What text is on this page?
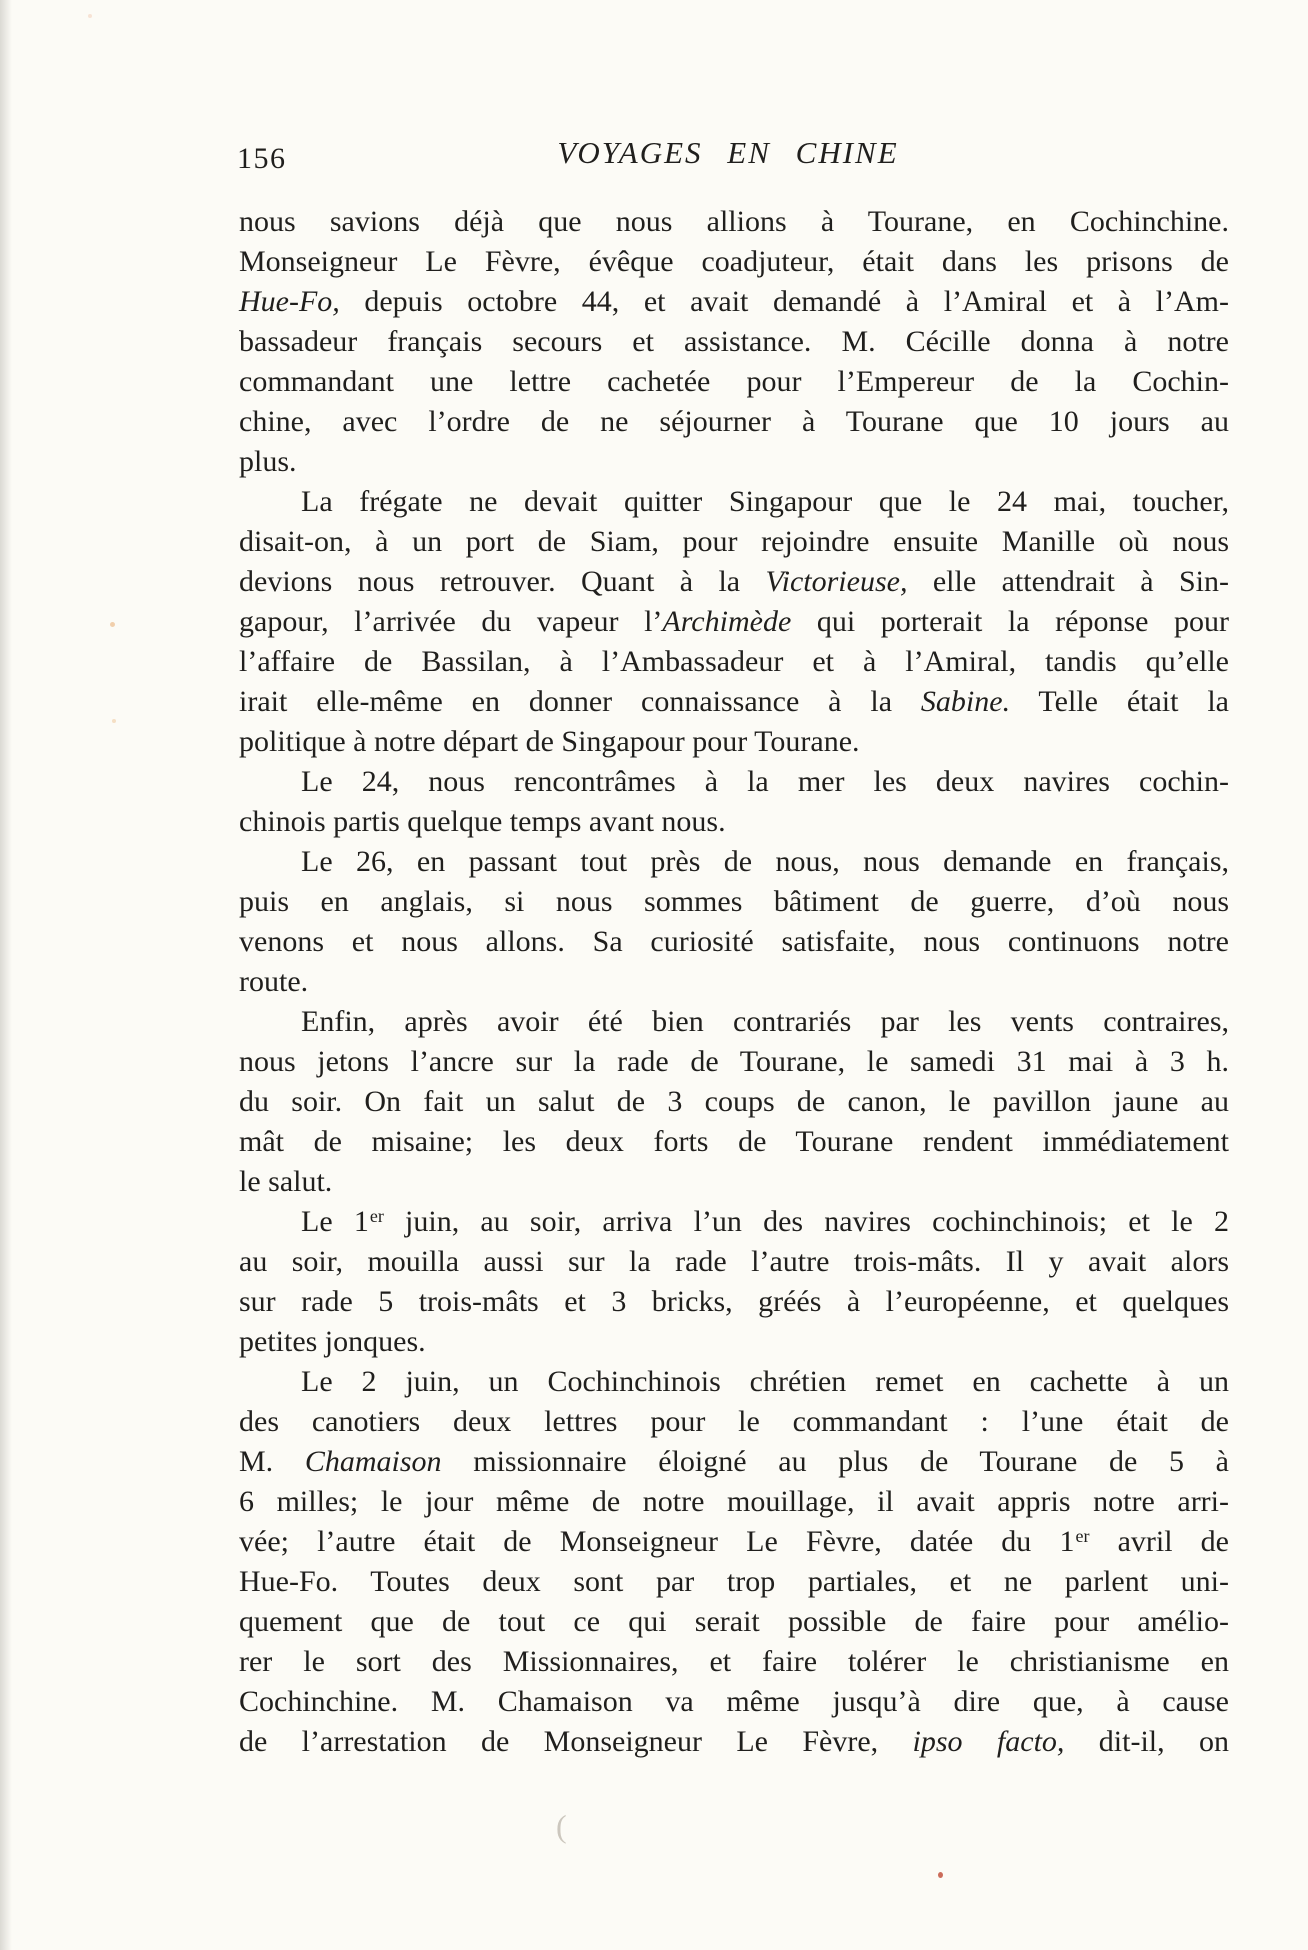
156	VOYAGES EN CHINE
nous savions déjà que nous allions à Tourane, en Cochinchine.
Monseigneur Le Fèvre, évêque coadjuteur, était dans les prisons de
Hue-Fo, depuis octobre 44, et avait demandé à l’Amiral et à l’Am-
bassadeur français secours et assistance. M. Cécille donna à notre
commandant une lettre cachetée pour l’Empereur de la Cochin-
chine, avec l’ordre de ne séjourner à Tourane que 10 jours au
plus.
La frégate ne devait quitter Singapour que le 24 mai, toucher,
disait-on, à un port de Siam, pour rejoindre ensuite Manille où nous
devions nous retrouver. Quant à la Victorieuse, elle attendrait à Sin-
gapour, l’arrivée du vapeur l’Archimède qui porterait la réponse pour
l’affaire de Bassilan, à l’Ambassadeur et à l’Amiral, tandis qu’elle
irait elle-même en donner connaissance à la Sabine. Telle était la
politique à notre départ de Singapour pour Tourane.
Le 24, nous rencontrâmes à la mer les deux navires cochin-
chinois partis quelque temps avant nous.
Le 26, en passant tout près de nous, nous demande en français,
puis en anglais, si nous sommes bâtiment de guerre, d’où nous
venons et nous allons. Sa curiosité satisfaite, nous continuons notre
route.
Enfin, après avoir été bien contrariés par les vents contraires,
nous jetons l’ancre sur la rade de Tourane, le samedi 31 mai à 3 h.
du soir. On fait un salut de 3 coups de canon, le pavillon jaune au
mât de misaine; les deux forts de Tourane rendent immédiatement
le salut.
Le 1er juin, au soir, arriva l’un des navires cochinchinois; et le 2
au soir, mouilla aussi sur la rade l’autre trois-mâts. Il y avait alors
sur rade 5 trois-mâts et 3 bricks, gréés à l’européenne, et quelques
petites jonques.
Le 2 juin, un Cochinchinois chrétien remet en cachette à un
des canotiers deux lettres pour le commandant : l’une était de
M. Chamaison missionnaire éloigné au plus de Tourane de 5 à
6 milles; le jour même de notre mouillage, il avait appris notre arri-
vée; l’autre était de Monseigneur Le Fèvre, datée du 1er avril de
Hue-Fo. Toutes deux sont par trop partiales, et ne parlent uni-
quement que de tout ce qui serait possible de faire pour amélio-
rer le sort des Missionnaires, et faire tolérer le christianisme en
Cochinchine. M. Chamaison va même jusqu’à dire que, à cause
de l’arrestation de Monseigneur Le Fèvre, ipso facto, dit-il, on
(
